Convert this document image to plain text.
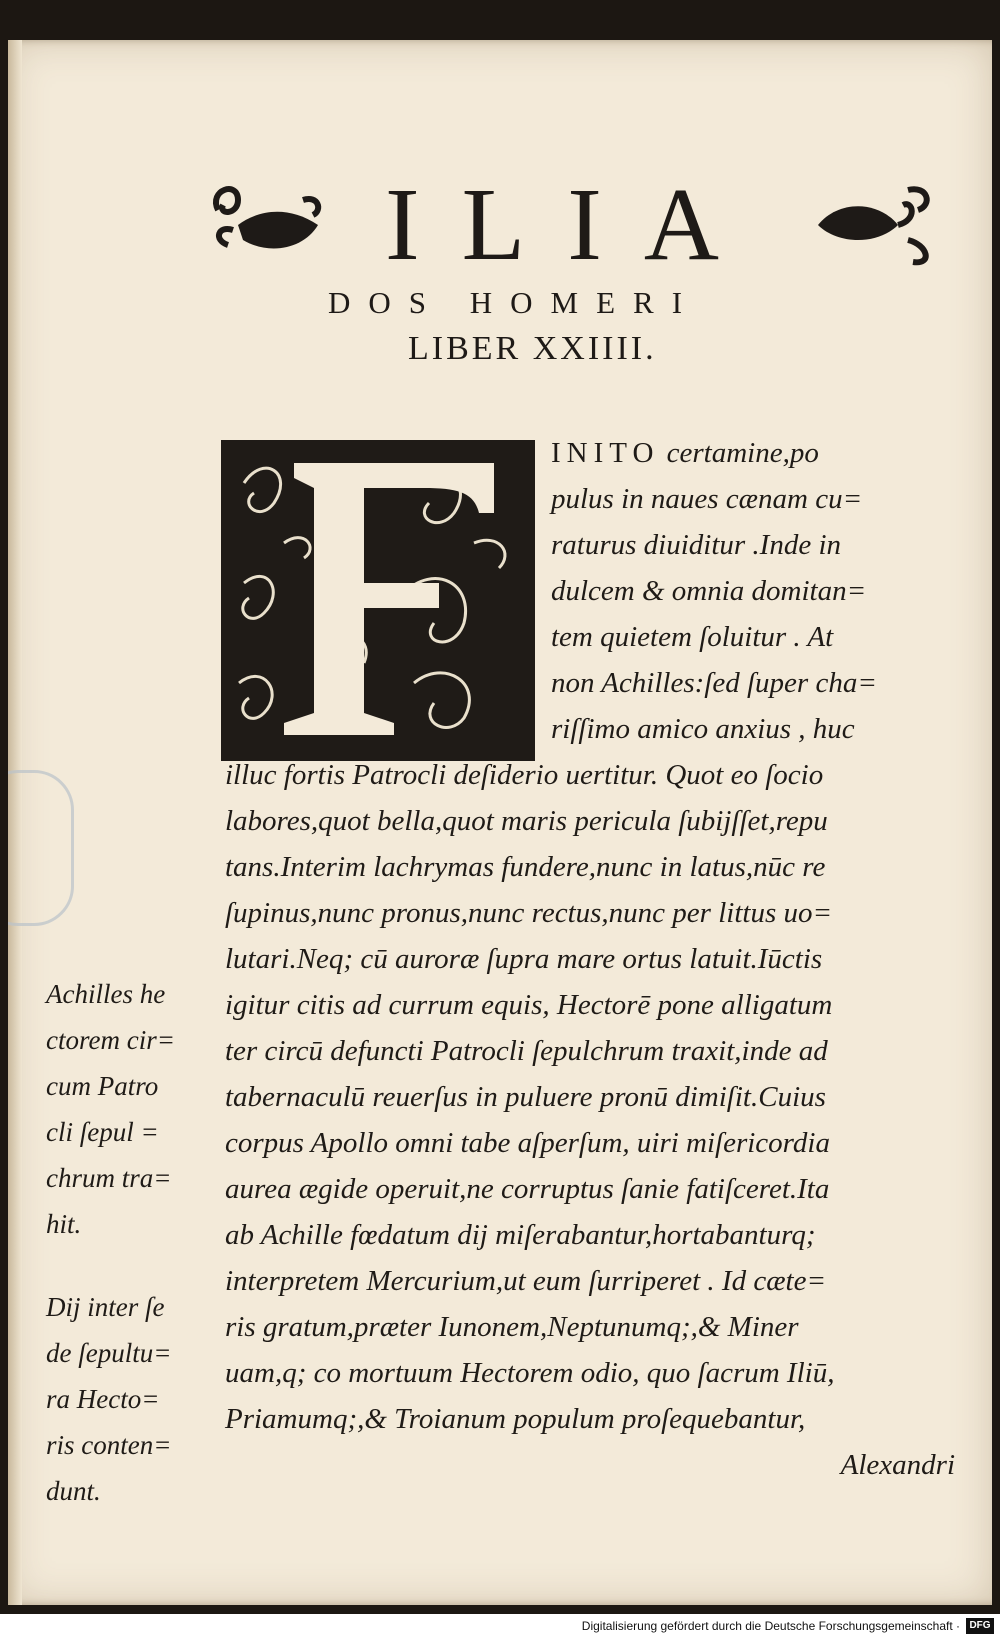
ILIA
DOS HOMERI
LIBER XXIIII.
INITO certamine,po
pulus in naues cænam cu=
raturus diuiditur .Inde in
dulcem & omnia domitan=
tem quietem ſoluitur . At
non Achilles:ſed ſuper cha=
riſſimo amico anxius , huc
illuc fortis Patrocli deſiderio uertitur. Quot eo ſocio
labores,quot bella,quot maris pericula ſubijſſet,repu
tans.Interim lachrymas fundere,nunc in latus,nūc re
ſupinus,nunc pronus,nunc rectus,nunc per littus uo=
lutari.Neq; cū auroræ ſupra mare ortus latuit.Iūctis
igitur citis ad currum equis, Hectorē pone alligatum
ter circū defuncti Patrocli ſepulchrum traxit,inde ad
tabernaculū reuerſus in puluere pronū dimiſit.Cuius
corpus Apollo omni tabe aſperſum, uiri miſericordia
aurea ægide operuit,ne corruptus ſanie fatiſceret.Ita
ab Achille fœdatum dij miſerabantur,hortabanturq;
interpretem Mercurium,ut eum ſurriperet . Id cæte=
ris gratum,præter Iunonem,Neptunumq;,& Miner
uam,q; co mortuum Hectorem odio, quo ſacrum Iliū,
Priamumq;,& Troianum populum proſequebantur,
Alexandri
Achilles he
ctorem cir=
cum Patro
cli ſepul =
chrum tra=
hit.
Dij inter ſe
de ſepultu=
ra Hecto=
ris conten=
dunt.
Digitalisierung gefördert durch die Deutsche Forschungsgemeinschaft · DFG
